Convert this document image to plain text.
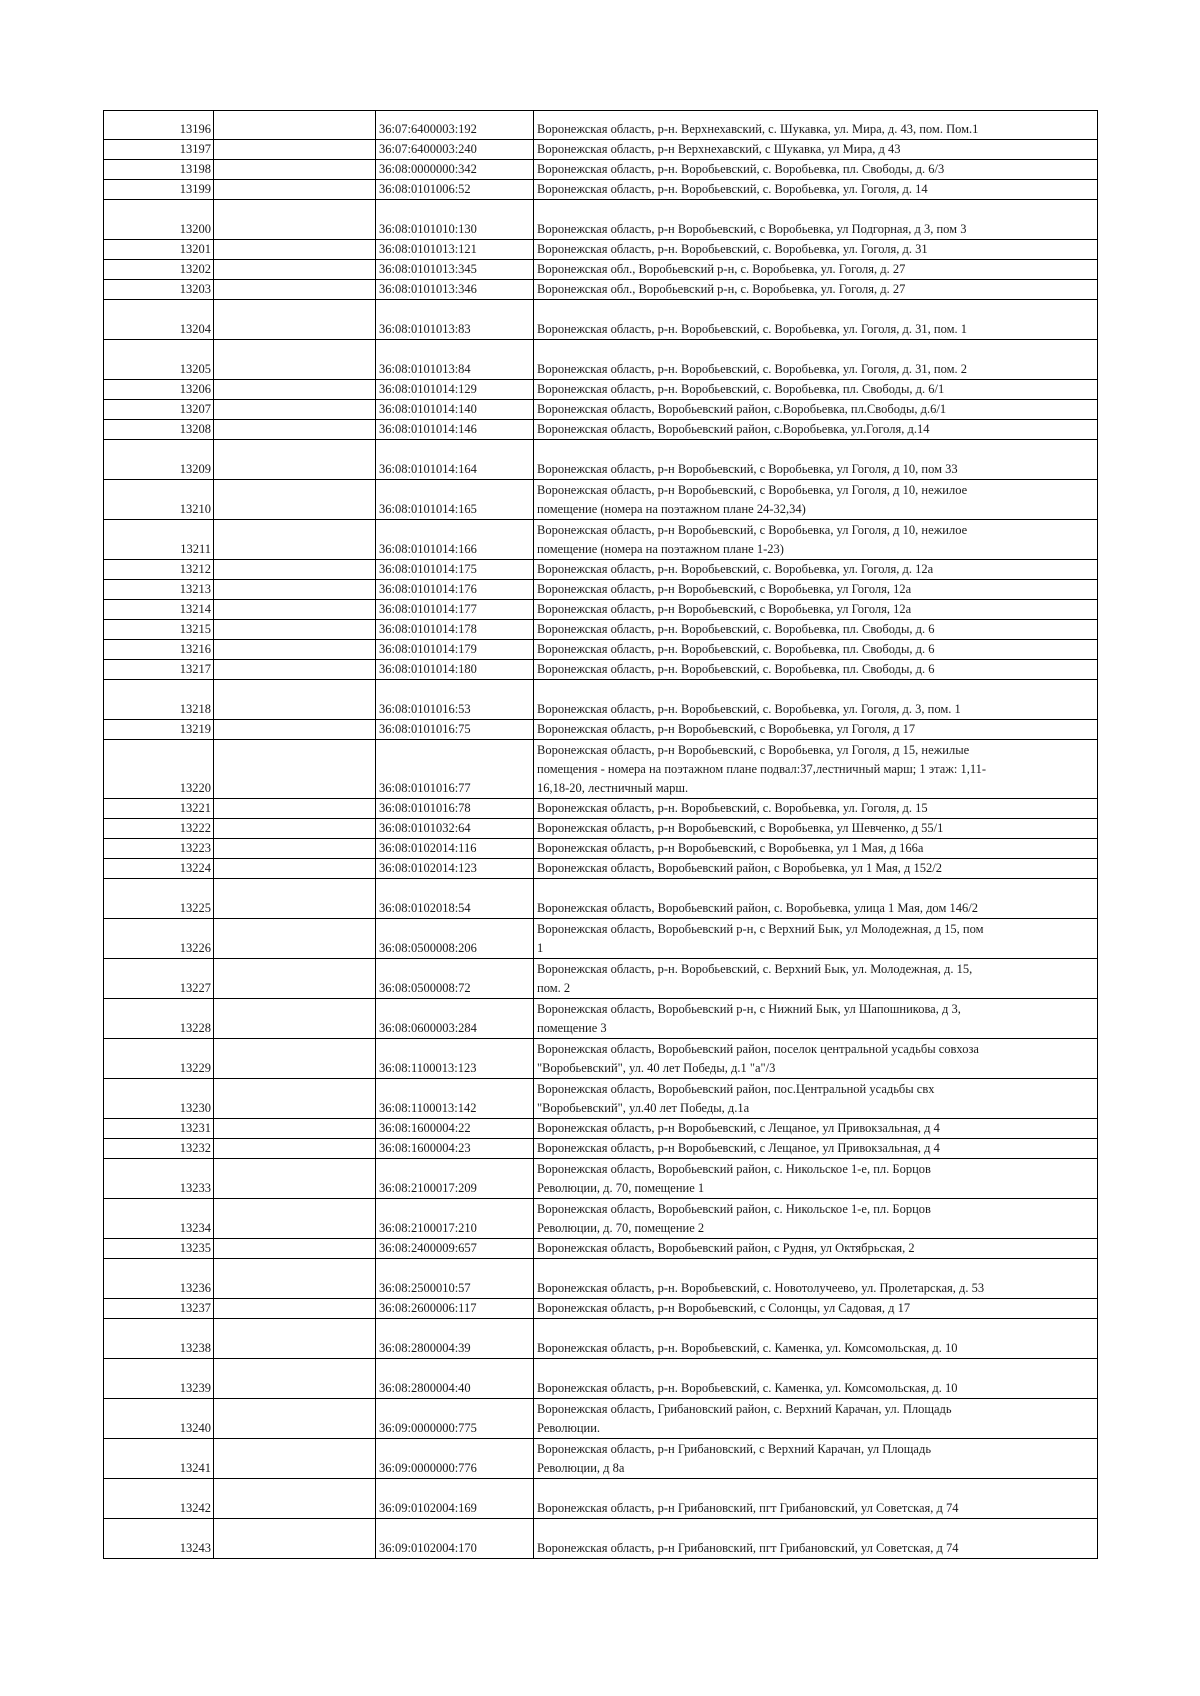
13196		36:07:6400003:192	Воронежская область, р-н. Верхнехавский, с. Шукавка, ул. Мира, д. 43, пом. Пом.1

13197		36:07:6400003:240	Воронежская область, р-н Верхнехавский, с Шукавка, ул Мира, д 43

13198		36:08:0000000:342	Воронежская область, р-н. Воробьевский, с. Воробьевка, пл. Свободы, д. 6/3

13199		36:08:0101006:52	Воронежская область, р-н. Воробьевский, с. Воробьевка, ул. Гоголя, д. 14

13200		36:08:0101010:130	Воронежская область, р-н Воробьевский, с Воробьевка, ул Подгорная, д 3, пом 3

13201		36:08:0101013:121	Воронежская область, р-н. Воробьевский, с. Воробьевка, ул. Гоголя, д. 31

13202		36:08:0101013:345	Воронежская обл., Воробьевский р-н, с. Воробьевка, ул. Гоголя, д. 27

13203		36:08:0101013:346	Воронежская обл., Воробьевский р-н, с. Воробьевка, ул. Гоголя, д. 27

13204		36:08:0101013:83	Воронежская область, р-н. Воробьевский, с. Воробьевка, ул. Гоголя, д. 31, пом. 1

13205		36:08:0101013:84	Воронежская область, р-н. Воробьевский, с. Воробьевка, ул. Гоголя, д. 31, пом. 2

13206		36:08:0101014:129	Воронежская область, р-н. Воробьевский, с. Воробьевка, пл. Свободы, д. 6/1

13207		36:08:0101014:140	Воронежская область, Воробьевский район, с.Воробьевка, пл.Свободы, д.6/1

13208		36:08:0101014:146	Воронежская область, Воробьевский район, с.Воробьевка, ул.Гоголя, д.14

13209		36:08:0101014:164	Воронежская область, р-н Воробьевский, с Воробьевка, ул Гоголя, д 10, пом 33

13210		36:08:0101014:165	Воронежская область, р-н Воробьевский, с Воробьевка, ул Гоголя, д 10, нежилое
помещение (номера на поэтажном плане 24-32,34)

13211		36:08:0101014:166	Воронежская область, р-н Воробьевский, с Воробьевка, ул Гоголя, д 10, нежилое
помещение (номера на поэтажном плане 1-23)

13212		36:08:0101014:175	Воронежская область, р-н. Воробьевский, с. Воробьевка, ул. Гоголя, д. 12а

13213		36:08:0101014:176	Воронежская область, р-н Воробьевский, с Воробьевка, ул Гоголя, 12а

13214		36:08:0101014:177	Воронежская область, р-н Воробьевский, с Воробьевка, ул Гоголя, 12а

13215		36:08:0101014:178	Воронежская область, р-н. Воробьевский, с. Воробьевка, пл. Свободы, д. 6

13216		36:08:0101014:179	Воронежская область, р-н. Воробьевский, с. Воробьевка, пл. Свободы, д. 6

13217		36:08:0101014:180	Воронежская область, р-н. Воробьевский, с. Воробьевка, пл. Свободы, д. 6

13218		36:08:0101016:53	Воронежская область, р-н. Воробьевский, с. Воробьевка, ул. Гоголя, д. 3, пом. 1

13219		36:08:0101016:75	Воронежская область, р-н Воробьевский, с Воробьевка, ул Гоголя, д 17

13220		36:08:0101016:77	Воронежская область, р-н Воробьевский, с Воробьевка, ул Гоголя, д 15, нежилые
помещения - номера на поэтажном плане подвал:37,лестничный марш; 1 этаж: 1,11-
16,18-20, лестничный марш.

13221		36:08:0101016:78	Воронежская область, р-н. Воробьевский, с. Воробьевка, ул. Гоголя, д. 15

13222		36:08:0101032:64	Воронежская область, р-н Воробьевский, с Воробьевка, ул Шевченко, д 55/1

13223		36:08:0102014:116	Воронежская область, р-н Воробьевский, с Воробьевка, ул 1 Мая, д 166а

13224		36:08:0102014:123	Воронежская область, Воробьевский район, с Воробьевка, ул 1 Мая, д 152/2

13225		36:08:0102018:54	Воронежская область, Воробьевский район, с. Воробьевка, улица 1 Мая, дом 146/2

13226		36:08:0500008:206	Воронежская область, Воробьевский р-н, с Верхний Бык, ул Молодежная, д 15, пом
1

13227		36:08:0500008:72	Воронежская область, р-н. Воробьевский, с. Верхний Бык, ул. Молодежная, д. 15,
пом. 2

13228		36:08:0600003:284	Воронежская область, Воробьевский р-н, с Нижний Бык, ул Шапошникова, д 3,
помещение 3

13229		36:08:1100013:123	Воронежская область, Воробьевский район, поселок центральной усадьбы совхоза
"Воробьевский", ул. 40 лет Победы, д.1 "а"/3

13230		36:08:1100013:142	Воронежская область, Воробьевский район, пос.Центральной усадьбы свх
"Воробьевский", ул.40 лет Победы, д.1а

13231		36:08:1600004:22	Воронежская область, р-н Воробьевский, с Лещаное, ул Привокзальная, д 4

13232		36:08:1600004:23	Воронежская область, р-н Воробьевский, с Лещаное, ул Привокзальная, д 4

13233		36:08:2100017:209	Воронежская область, Воробьевский район, с. Никольское 1-е, пл. Борцов
Революции, д. 70, помещение 1

13234		36:08:2100017:210	Воронежская область, Воробьевский район, с. Никольское 1-е, пл. Борцов
Революции, д. 70, помещение 2

13235		36:08:2400009:657	Воронежская область, Воробьевский район, с Рудня, ул Октябрьская, 2

13236		36:08:2500010:57	Воронежская область, р-н. Воробьевский, с. Новотолучеево, ул. Пролетарская, д. 53

13237		36:08:2600006:117	Воронежская область, р-н Воробьевский, с Солонцы, ул Садовая, д 17

13238		36:08:2800004:39	Воронежская область, р-н. Воробьевский, с. Каменка, ул. Комсомольская, д. 10

13239		36:08:2800004:40	Воронежская область, р-н. Воробьевский, с. Каменка, ул. Комсомольская, д. 10

13240		36:09:0000000:775	Воронежская область, Грибановский район, с. Верхний Карачан, ул. Площадь
Революции.

13241		36:09:0000000:776	Воронежская область, р-н Грибановский, с Верхний Карачан, ул Площадь
Революции, д 8а

13242		36:09:0102004:169	Воронежская область, р-н Грибановский, пгт Грибановский, ул Советская, д 74

13243		36:09:0102004:170	Воронежская область, р-н Грибановский, пгт Грибановский, ул Советская, д 74
